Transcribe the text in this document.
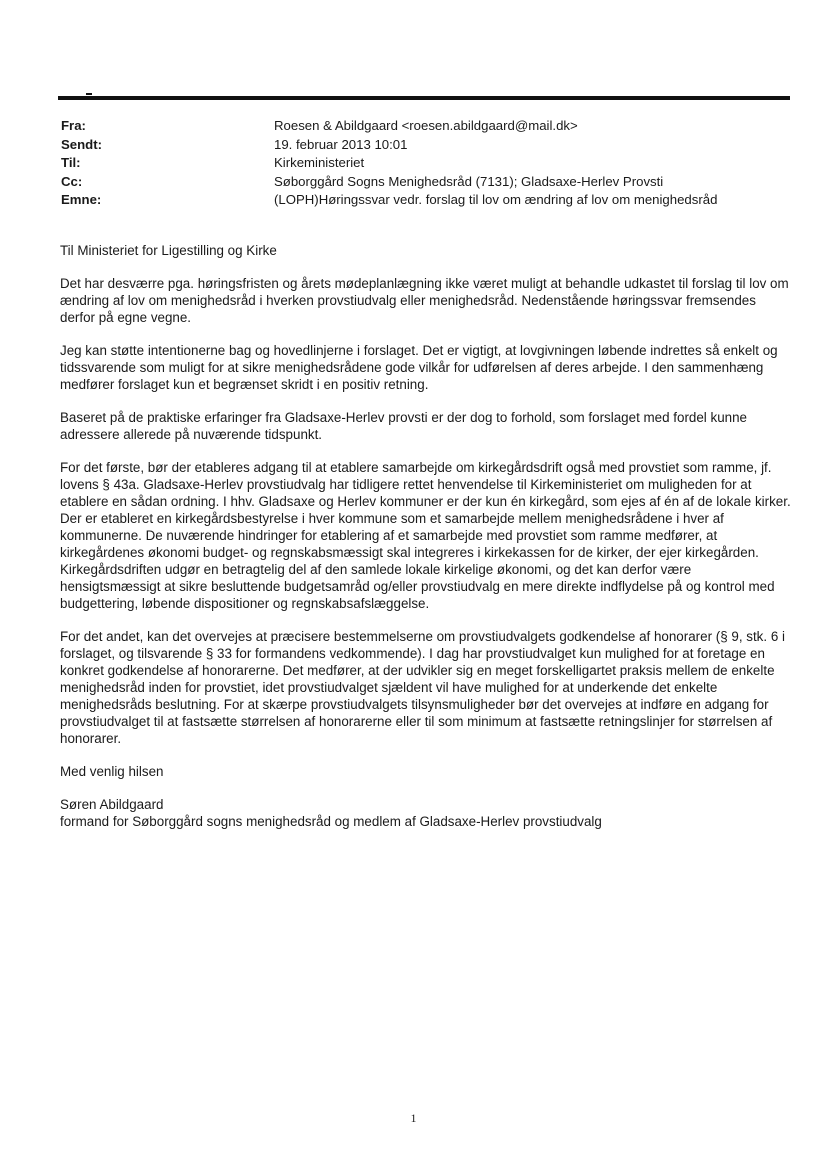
Fra:	Roesen & Abildgaard <roesen.abildgaard@mail.dk>
Sendt:	19. februar 2013 10:01
Til:	Kirkeministeriet
Cc:	Søborggård Sogns Menighedsråd (7131); Gladsaxe-Herlev Provsti
Emne:	(LOPH)Høringssvar vedr. forslag til lov om ændring af lov om menighedsråd

Til Ministeriet for Ligestilling og Kirke

Det har desværre pga. høringsfristen og årets mødeplanlægning ikke været muligt at behandle udkastet til forslag til lov om ændring af lov om menighedsråd i hverken provstiudvalg eller menighedsråd. Nedenstående høringssvar fremsendes derfor på egne vegne.

Jeg kan støtte intentionerne bag og hovedlinjerne i forslaget. Det er vigtigt, at lovgivningen løbende indrettes så enkelt og tidssvarende som muligt for at sikre menighedsrådene gode vilkår for udførelsen af deres arbejde. I den sammenhæng medfører forslaget kun et begrænset skridt i en positiv retning.

Baseret på de praktiske erfaringer fra Gladsaxe-Herlev provsti er der dog to forhold, som forslaget med fordel kunne adressere allerede på nuværende tidspunkt.

For det første, bør der etableres adgang til at etablere samarbejde om kirkegårdsdrift også med provstiet som ramme, jf. lovens § 43a. Gladsaxe-Herlev provstiudvalg har tidligere rettet henvendelse til Kirkeministeriet om muligheden for at etablere en sådan ordning. I hhv. Gladsaxe og Herlev kommuner er der kun én kirkegård, som ejes af én af de lokale kirker. Der er etableret en kirkegårdsbestyrelse i hver kommune som et samarbejde mellem menighedsrådene i hver af kommunerne. De nuværende hindringer for etablering af et samarbejde med provstiet som ramme medfører, at kirkegårdenes økonomi budget- og regnskabsmæssigt skal integreres i kirkekassen for de kirker, der ejer kirkegården. Kirkegårdsdriften udgør en betragtelig del af den samlede lokale kirkelige økonomi, og det kan derfor være hensigtsmæssigt at sikre besluttende budgetsamråd og/eller provstiudvalg en mere direkte indflydelse på og kontrol med budgettering, løbende dispositioner og regnskabsafslæggelse.

For det andet, kan det overvejes at præcisere bestemmelserne om provstiudvalgets godkendelse af honorarer (§ 9, stk. 6 i forslaget, og tilsvarende § 33 for formandens vedkommende). I dag har provstiudvalget kun mulighed for at foretage en konkret godkendelse af honorarerne. Det medfører, at der udvikler sig en meget forskelligartet praksis mellem de enkelte menighedsråd inden for provstiet, idet provstiudvalget sjældent vil have mulighed for at underkende det enkelte menighedsråds beslutning. For at skærpe provstiudvalgets tilsynsmuligheder bør det overvejes at indføre en adgang for provstiudvalget til at fastsætte størrelsen af honorarerne eller til som minimum at fastsætte retningslinjer for størrelsen af honorarer.

Med venlig hilsen

Søren Abildgaard
formand for Søborggård sogns menighedsråd og medlem af Gladsaxe-Herlev provstiudvalg
1
